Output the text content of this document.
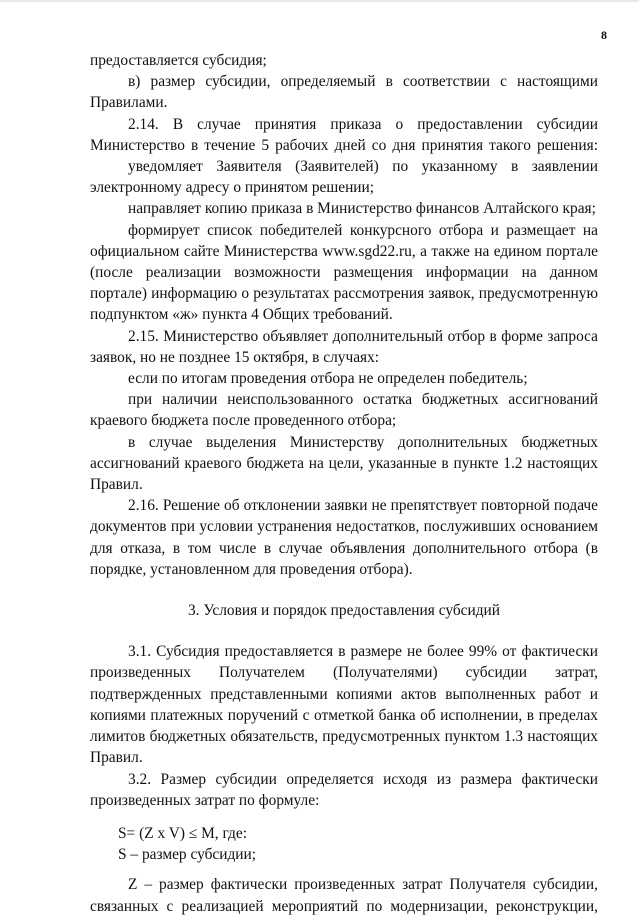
8
предоставляется субсидия;
в) размер субсидии, определяемый в соответствии с настоящими
Правилами.
2.14. В случае принятия приказа о предоставлении субсидии
Министерство в течение 5 рабочих дней со дня принятия такого решения:
уведомляет Заявителя (Заявителей) по указанному в заявлении
электронному адресу о принятом решении;
направляет копию приказа в Министерство финансов Алтайского края;
формирует список победителей конкурсного отбора и размещает на
официальном сайте Министерства www.sgd22.ru, а также на едином портале
(после реализации возможности размещения информации на данном
портале) информацию о результатах рассмотрения заявок, предусмотренную
подпунктом «ж» пункта 4 Общих требований.
2.15. Министерство объявляет дополнительный отбор в форме запроса
заявок, но не позднее 15 октября, в случаях:
если по итогам проведения отбора не определен победитель;
при наличии неиспользованного остатка бюджетных ассигнований
краевого бюджета после проведенного отбора;
в случае выделения Министерству дополнительных бюджетных
ассигнований краевого бюджета на цели, указанные в пункте 1.2 настоящих
Правил.
2.16. Решение об отклонении заявки не препятствует повторной подаче
документов при условии устранения недостатков, послуживших основанием
для отказа, в том числе в случае объявления дополнительного отбора (в
порядке, установленном для проведения отбора).
3. Условия и порядок предоставления субсидий
3.1. Субсидия предоставляется в размере не более 99% от фактически
произведенных Получателем (Получателями) субсидии затрат,
подтвержденных представленными копиями актов выполненных работ и
копиями платежных поручений с отметкой банка об исполнении, в пределах
лимитов бюджетных обязательств, предусмотренных пунктом 1.3 настоящих
Правил.
3.2. Размер субсидии определяется исходя из размера фактически
произведенных затрат по формуле:
S= (Z x V) ≤ M, где:
S – размер субсидии;
Z – размер фактически произведенных затрат Получателя субсидии,
связанных с реализацией мероприятий по модернизации, реконструкции,
